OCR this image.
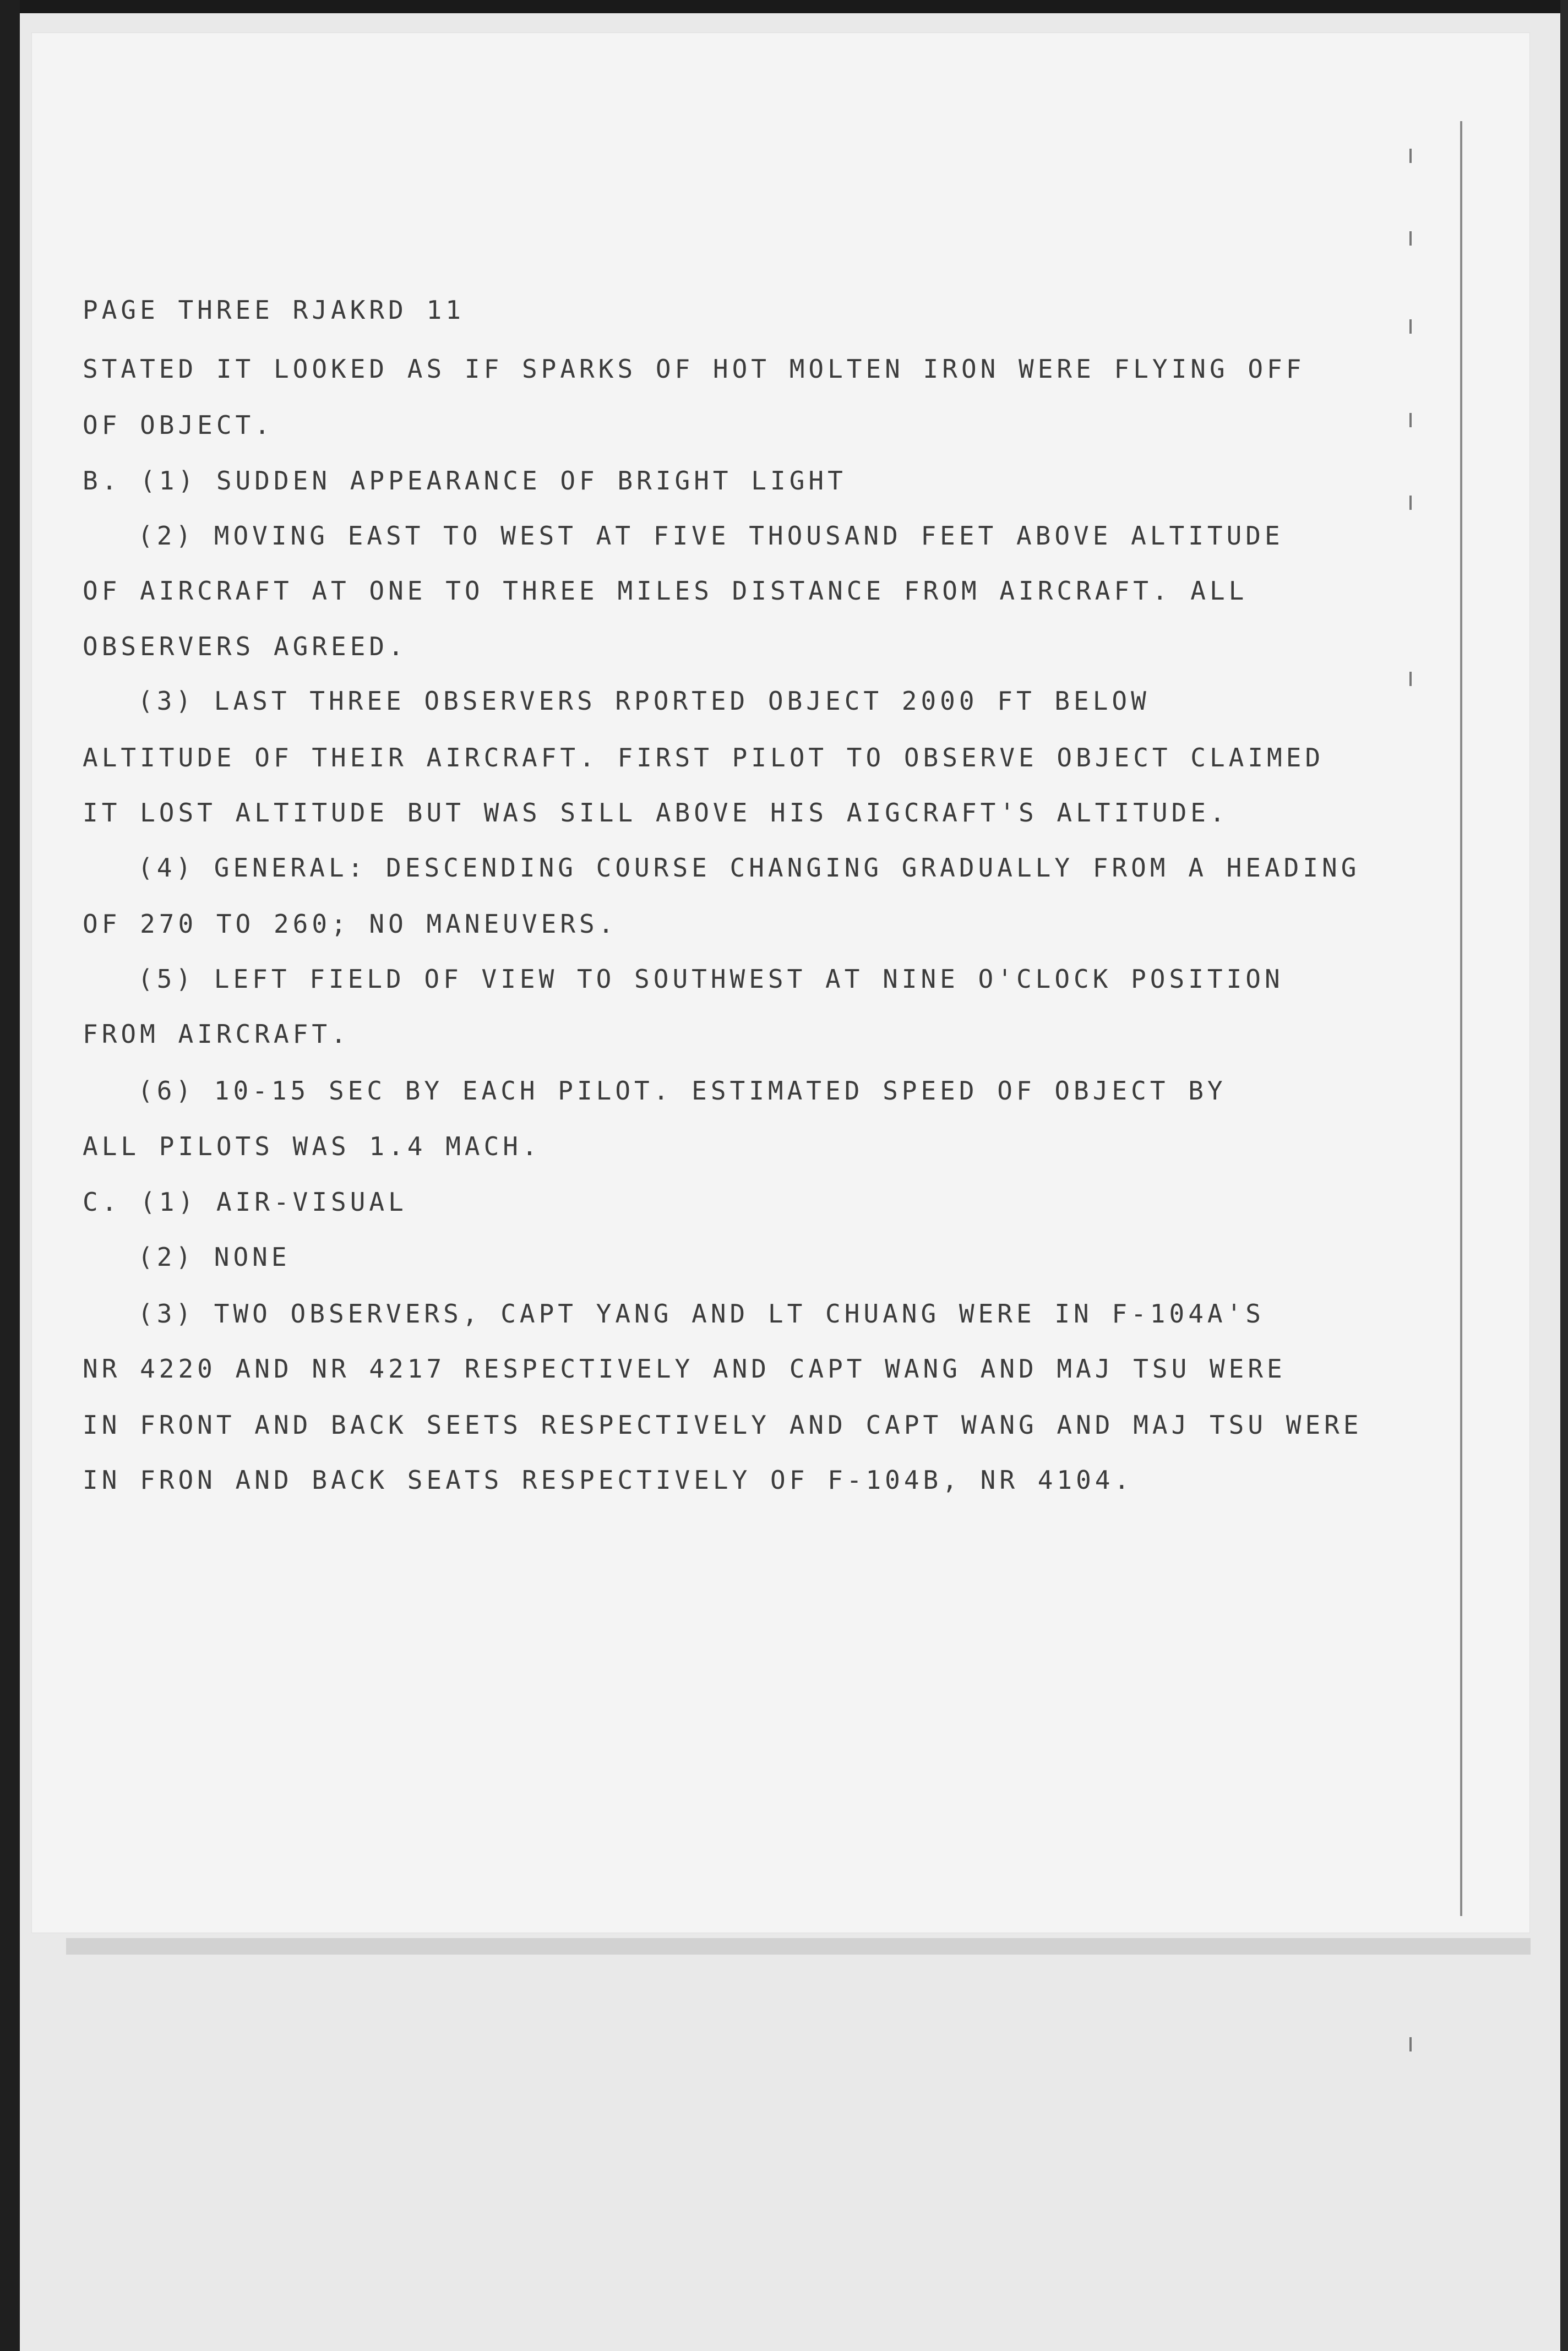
PAGE THREE RJAKRD 11
STATED IT LOOKED AS IF SPARKS OF HOT MOLTEN IRON WERE FLYING OFF
OF OBJECT.
B. (1) SUDDEN APPEARANCE OF BRIGHT LIGHT
(2) MOVING EAST TO WEST AT FIVE THOUSAND FEET ABOVE ALTITUDE
OF AIRCRAFT AT ONE TO THREE MILES DISTANCE FROM AIRCRAFT. ALL
OBSERVERS AGREED.
(3) LAST THREE OBSERVERS RPORTED OBJECT 2000 FT BELOW
ALTITUDE OF THEIR AIRCRAFT. FIRST PILOT TO OBSERVE OBJECT CLAIMED
IT LOST ALTITUDE BUT WAS SILL ABOVE HIS AIGCRAFT'S ALTITUDE.
(4) GENERAL: DESCENDING COURSE CHANGING GRADUALLY FROM A HEADING
OF 270 TO 260; NO MANEUVERS.
(5) LEFT FIELD OF VIEW TO SOUTHWEST AT NINE O'CLOCK POSITION
FROM AIRCRAFT.
(6) 10-15 SEC BY EACH PILOT. ESTIMATED SPEED OF OBJECT BY
ALL PILOTS WAS 1.4 MACH.
C. (1) AIR-VISUAL
(2) NONE
(3) TWO OBSERVERS, CAPT YANG AND LT CHUANG WERE IN F-104A'S
NR 4220 AND NR 4217 RESPECTIVELY AND CAPT WANG AND MAJ TSU WERE
IN FRONT AND BACK SEETS RESPECTIVELY AND CAPT WANG AND MAJ TSU WERE
IN FRON AND BACK SEATS RESPECTIVELY OF F-104B, NR 4104.
